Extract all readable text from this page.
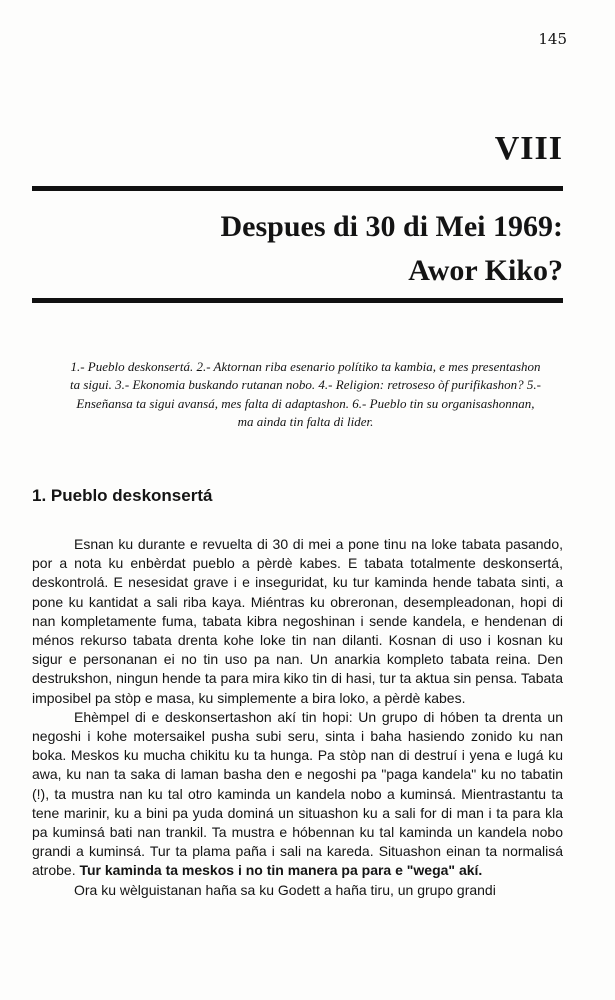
145
VIII
Despues di 30 di Mei 1969:
Awor Kiko?
1.- Pueblo deskonsertá. 2.- Aktornan riba esenario polítiko ta kambia, e mes presentashon ta sigui. 3.- Ekonomia buskando rutanan nobo. 4.- Religion: retroseso òf purifikashon? 5.- Enseñansa ta sigui avansá, mes falta di adaptashon. 6.- Pueblo tin su organisashonnan, ma ainda tin falta di lider.
1. Pueblo deskonsertá

Esnan ku durante e revuelta di 30 di mei a pone tinu na loke tabata pasando, por a nota ku enbèrdat pueblo a pèrdè kabes. E tabata totalmente deskonsertá, deskontrolá. E nesesidat grave i e inseguridat, ku tur kaminda hende tabata sinti, a pone ku kantidat a sali riba kaya. Miéntras ku obreronan, desempleadonan, hopi di nan kompletamente fuma, tabata kibra negoshinan i sende kandela, e hendenan di ménos rekurso tabata drenta kohe loke tin nan dilanti. Kosnan di uso i kosnan ku sigur e personanan ei no tin uso pa nan. Un anarkia kompleto tabata reina. Den destrukshon, ningun hende ta para mira kiko tin di hasi, tur ta aktua sin pensa. Tabata imposibel pa stòp e masa, ku simplemente a bira loko, a pèrdè kabes.

Ehèmpel di e deskonsertashon akí tin hopi: Un grupo di hóben ta drenta un negoshi i kohe motersaikel pusha subi seru, sinta i baha hasiendo zonido ku nan boka. Meskos ku mucha chikitu ku ta hunga. Pa stòp nan di destruí i yena e lugá ku awa, ku nan ta saka di laman basha den e negoshi pa "paga kandela" ku no tabatin (!), ta mustra nan ku tal otro kaminda un kandela nobo a kuminsá. Mientrastantu ta tene marinir, ku a bini pa yuda dominá un situashon ku a sali for di man i ta para kla pa kuminsá bati nan trankil. Ta mustra e hóbennan ku tal kaminda un kandela nobo grandi a kuminsá. Tur ta plama paña i sali na kareda. Situashon einan ta normalisá atrobe. Tur kaminda ta meskos i no tin manera pa para e "wega" akí.

Ora ku wèlguistanan haña sa ku Godett a haña tiru, un grupo grandi
